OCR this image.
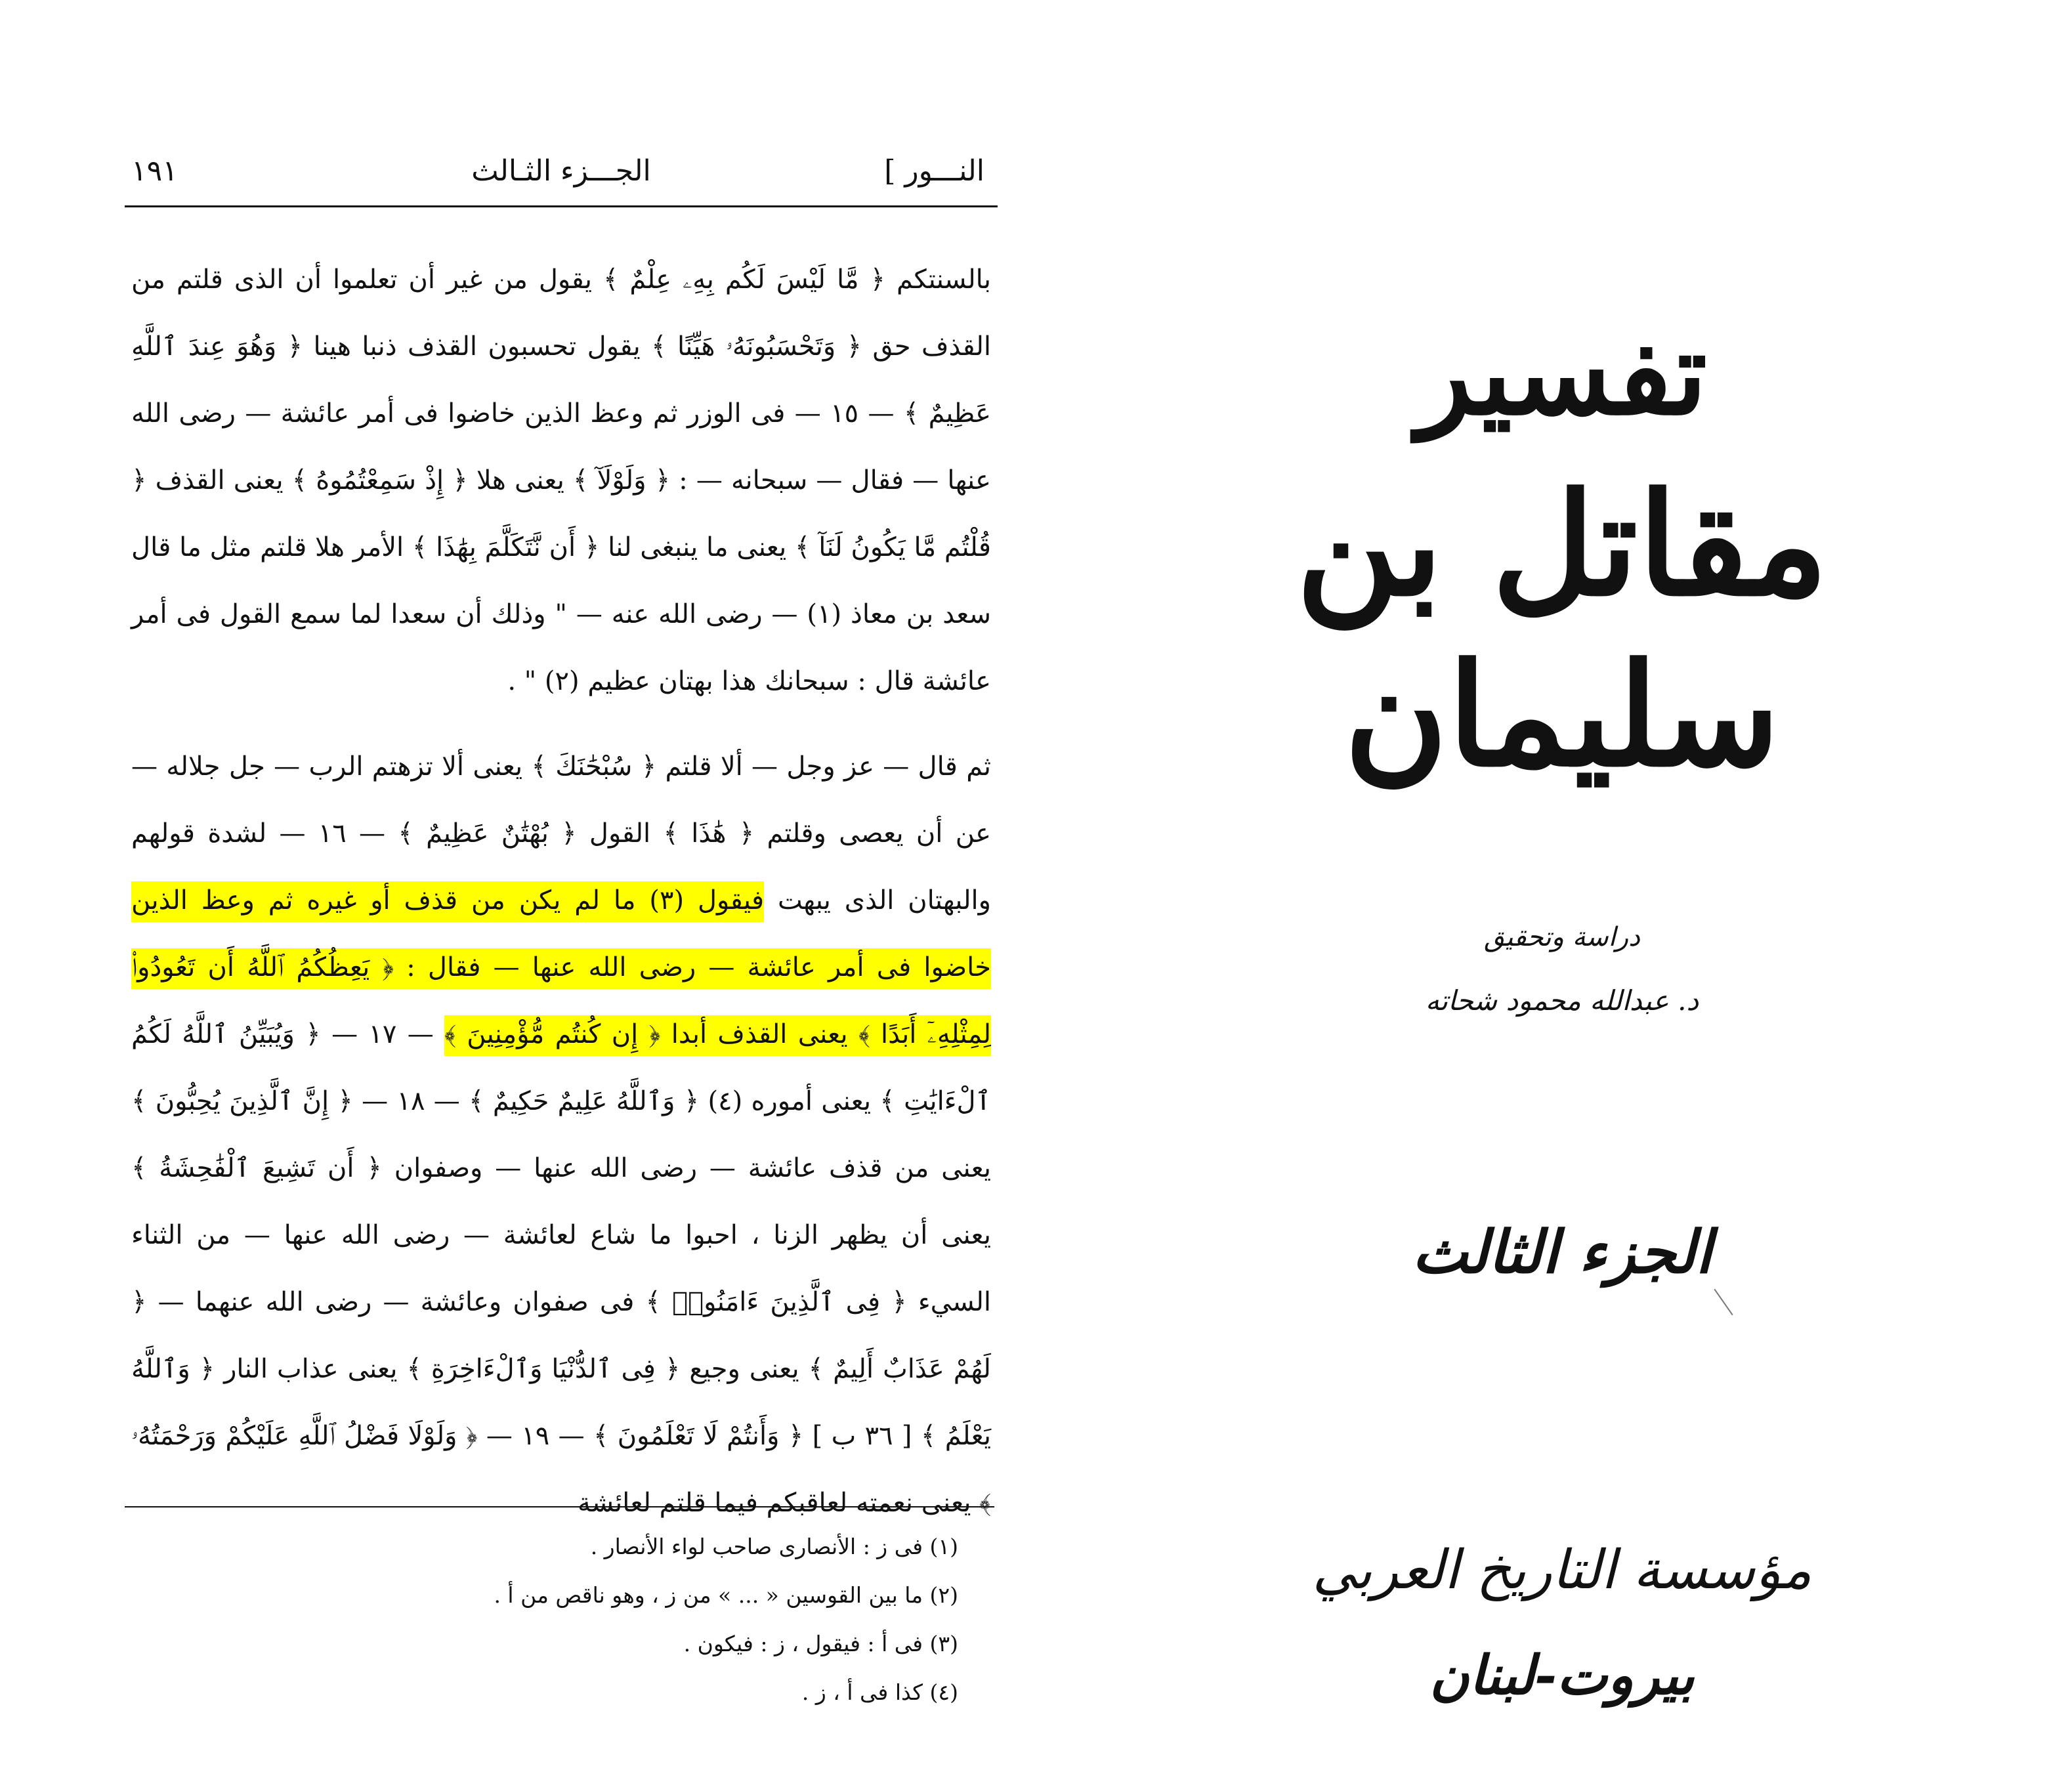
النـــور ]
الجـــزء الثـالث
١٩١

بالسنتكم ﴿ مَّا لَيْسَ لَكُم بِهِۦ عِلْمٌ ﴾ يقول من غير أن تعلموا أن الذى قلتم من القذف حق ﴿ وَتَحْسَبُونَهُۥ هَيِّنًا ﴾ يقول تحسبون القذف ذنبا هينا ﴿ وَهُوَ عِندَ ٱللَّهِ عَظِيمٌ ﴾ — ١٥ — فى الوزر ثم وعظ الذين خاضوا فى أمر عائشة — رضى الله عنها — فقال — سبحانه — : ﴿ وَلَوْلَآ ﴾ يعنى هلا ﴿ إِذْ سَمِعْتُمُوهُ ﴾ يعنى القذف ﴿ قُلْتُم مَّا يَكُونُ لَنَآ ﴾ يعنى ما ينبغى لنا ﴿ أَن نَّتَكَلَّمَ بِهَٰذَا ﴾ الأمر هلا قلتم مثل ما قال سعد بن معاذ (١) — رضى الله عنه — " وذلك أن سعدا لما سمع القول فى أمر عائشة قال : سبحانك هذا بهتان عظيم (٢) " .

ثم قال — عز وجل — ألا قلتم ﴿ سُبْحَٰنَكَ ﴾ يعنى ألا تزهتم الرب — جل جلاله — عن أن يعصى وقلتم ﴿ هَٰذَا ﴾ القول ﴿ بُهْتَٰنٌ عَظِيمٌ ﴾ — ١٦ — لشدة قولهم والبهتان الذى يبهت فيقول (٣) ما لم يكن من قذف أو غيره ثم وعظ الذين خاضوا فى أمر عائشة — رضى الله عنها — فقال : ﴿ يَعِظُكُمُ ٱللَّهُ أَن تَعُودُوا۟ لِمِثْلِهِۦٓ أَبَدًا ﴾ يعنى القذف أبدا ﴿ إِن كُنتُم مُّؤْمِنِينَ ﴾ — ١٧ — ﴿ وَيُبَيِّنُ ٱللَّهُ لَكُمُ ٱلْءَايَٰتِ ﴾ يعنى أموره (٤) ﴿ وَٱللَّهُ عَلِيمٌ حَكِيمٌ ﴾ — ١٨ — ﴿ إِنَّ ٱلَّذِينَ يُحِبُّونَ ﴾ يعنى من قذف عائشة — رضى الله عنها — وصفوان ﴿ أَن تَشِيعَ ٱلْفَٰحِشَةُ ﴾ يعنى أن يظهر الزنا ، احبوا ما شاع لعائشة — رضى الله عنها — من الثناء السيء ﴿ فِى ٱلَّذِينَ ءَامَنُوا۟ ﴾ فى صفوان وعائشة — رضى الله عنهما — ﴿ لَهُمْ عَذَابٌ أَلِيمٌ ﴾ يعنى وجيع ﴿ فِى ٱلدُّنْيَا وَٱلْءَاخِرَةِ ﴾ يعنى عذاب النار ﴿ وَٱللَّهُ يَعْلَمُ ﴾ [ ٣٦ ب ] ﴿ وَأَنتُمْ لَا تَعْلَمُونَ ﴾ — ١٩ — ﴿ وَلَوْلَا فَضْلُ ٱللَّهِ عَلَيْكُمْ وَرَحْمَتُهُۥ ﴾ يعنى نعمته لعاقبكم فيما قلتم لعائشة

(١) فى ز : الأنصارى صاحب لواء الأنصار .
(٢) ما بين القوسين « ... » من ز ، وهو ناقص من أ .
(٣) فى أ : فيقول ، ز : فيكون .
(٤) كذا فى أ ، ز .
تفسير
مقاتل بن سليمان
دراسة وتحقيق
د. عبدالله محمود شحاته
الجزء الثالث
مؤسسة التاريخ العربي
بيروت-لبنان
